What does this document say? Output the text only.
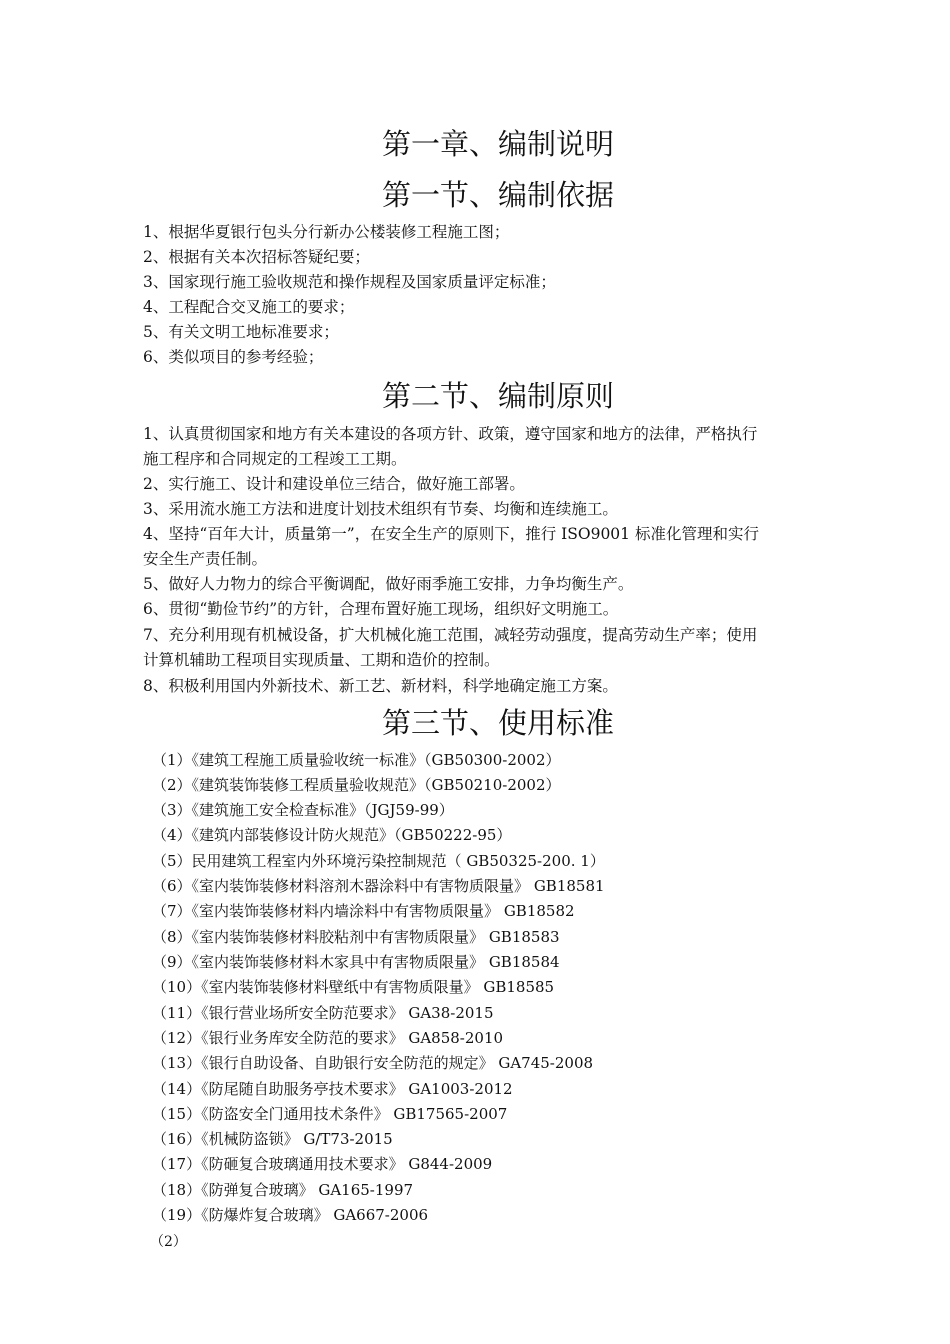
第一章、编制说明
第一节、编制依据

1、根据华夏银行包头分行新办公楼装修工程施工图；

2、根据有关本次招标答疑纪要；

3、国家现行施工验收规范和操作规程及国家质量评定标准；

4、工程配合交叉施工的要求；

5、有关文明工地标准要求；

6、类似项目的参考经验；

第二节、编制原则

1、认真贯彻国家和地方有关本建设的各项方针、政策，遵守国家和地方的法律，严格执行

施工程序和合同规定的工程竣工工期。

2、实行施工、设计和建设单位三结合，做好施工部署。

3、采用流水施工方法和进度计划技术组织有节奏、均衡和连续施工。

4、坚持“百年大计，质量第一”，在安全生产的原则下，推行 ISO9001 标准化管理和实行

安全生产责任制。

5、做好人力物力的综合平衡调配，做好雨季施工安排，力争均衡生产。

6、贯彻“勤俭节约”的方针，合理布置好施工现场，组织好文明施工。

7、充分利用现有机械设备，扩大机械化施工范围，减轻劳动强度，提高劳动生产率；使用

计算机辅助工程项目实现质量、工期和造价的控制。

8、积极利用国内外新技术、新工艺、新材料，科学地确定施工方案。

第三节、使用标准

（1）《建筑工程施工质量验收统一标准》（GB50300-2002）

（2）《建筑装饰装修工程质量验收规范》（GB50210-2002）

（3）《建筑施工安全检查标准》（JGJ59-99）

（4）《建筑内部装修设计防火规范》（GB50222-95）

（5）民用建筑工程室内外环境污染控制规范（ GB50325-200. 1）

（6）《室内装饰装修材料溶剂木器涂料中有害物质限量》 GB18581

（7）《室内装饰装修材料内墙涂料中有害物质限量》 GB18582

（8）《室内装饰装修材料胶粘剂中有害物质限量》 GB18583

（9）《室内装饰装修材料木家具中有害物质限量》 GB18584

（10）《室内装饰装修材料壁纸中有害物质限量》 GB18585

（11）《银行营业场所安全防范要求》 GA38-2015

（12）《银行业务库安全防范的要求》 GA858-2010

（13）《银行自助设备、自助银行安全防范的规定》 GA745-2008

（14）《防尾随自助服务亭技术要求》 GA1003-2012

（15）《防盗安全门通用技术条件》 GB17565-2007

（16）《机械防盗锁》 G/T73-2015

（17）《防砸复合玻璃通用技术要求》 G844-2009

（18）《防弹复合玻璃》 GA165-1997

（19）《防爆炸复合玻璃》 GA667-2006

（2）
